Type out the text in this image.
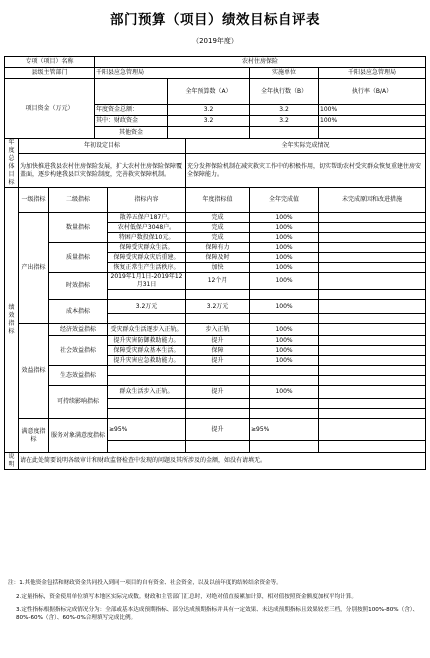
部门预算（项目）绩效目标自评表
（2019年度）
专项（项目）名称			农村住房保险					
县级主管部门			千阳县应急管理局				实施单位	千阳县应急管理局
项目资金（万元）					全年预算数（A）		全年执行数（B）	执行率（B/A）
			年度资金总额：		3.2		3.2	100%
			其中：财政资金		3.2		3.2	100%
			其他资金					
年度总体目标	年初设定目标					全年实际完成情况		
	为加快推进我县农村住房保险发展，扩大农村住房保险保障覆盖面，逐步构建我县巨灾保险制度，完善救灾保障机制。					充分发挥保险机制在减灾救灾工作中的积极作用，切实帮助农村受灾群众恢复重建住房安全保障能力。		
绩效指标	一级指标	二级指标		指标内容		年度指标值	全年完成值	未完成原因和改进措施
	产出指标	数量指标		散养五保户187户。		完成	100%	
				农村低保户3048户。		完成	100%	
				特困户数投保10元。		完成	100%	
		质量指标		保障受灾群众生活。		保障有力	100%	
				保障受灾群众灾后重建。		保障及时	100%	
				恢复正常生产生活秩序。		加快	100%	
		时效指标		2019年1月1日-2019年12月31日		12个月	100%	

		成本指标		3.2万元		3.2万元	100%	

	效益指标	经济效益指标		受灾群众生活逐步入正轨。		步入正轨	100%	
		社会效益指标		提升灾害防御救助能力。		提升	100%	
				保障受灾群众基本生活。		保障	100%	
				提升灾害应急救助能力。		提升	100%	
		生态效益指标						

		可持续影响指标		群众生活步入正轨。		提升	100%	

	满意度指标	服务对象满意度指标		≥95%		提升	≥95%	

说明	请在此处简要说明各级审计和财政监督检查中发现的问题及其所涉及的金额，如没有请填无。							

注：1.其他资金包括和财政资金共同投入到同一项目的自有资金、社会资金，以及以前年度的结转结余资金等。

2.定量指标，资金使用单位填写本地区实际完成数。财政和主管部门汇总时，对绝对值直接累加计算，相对值按照资金额度加权平均计算。

3.定性指标根据指标完成情况分为：全部或基本达成预期指标、部分达成预期指标并具有一定效果、未达成预期指标且效果较差三档，分别按照100%-80%（含）、80%-60%（含）、60%-0%合理填写完成比例。
